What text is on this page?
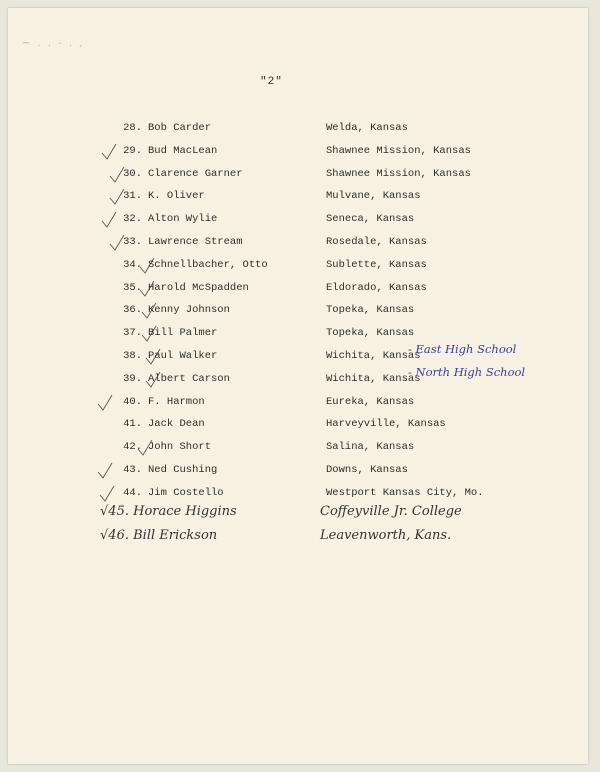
~ . . - . ,
"2"
28. Bob Carder	Welda, Kansas
29. Bud MacLean	Shawnee Mission, Kansas
30. Clarence Garner	Shawnee Mission, Kansas
31. K. Oliver	Mulvane, Kansas
32. Alton Wylie	Seneca, Kansas
33. Lawrence Stream	Rosedale, Kansas
34. Schnellbacher, Otto	Sublette, Kansas
35. Harold McSpadden	Eldorado, Kansas
36. Kenny Johnson	Topeka, Kansas
37. Bill Palmer	Topeka, Kansas
38. Paul Walker	Wichita, Kansas
- East High School
39. Albert Carson	Wichita, Kansas
- North High School
40. F. Harmon	Eureka, Kansas
41. Jack Dean	Harveyville, Kansas
42. John Short	Salina, Kansas
43. Ned Cushing	Downs, Kansas
44. Jim Costello	Westport Kansas City, Mo.
√45. Horace Higgins	Coffeyville Jr. College
√46. Bill Erickson	Leavenworth, Kans.
